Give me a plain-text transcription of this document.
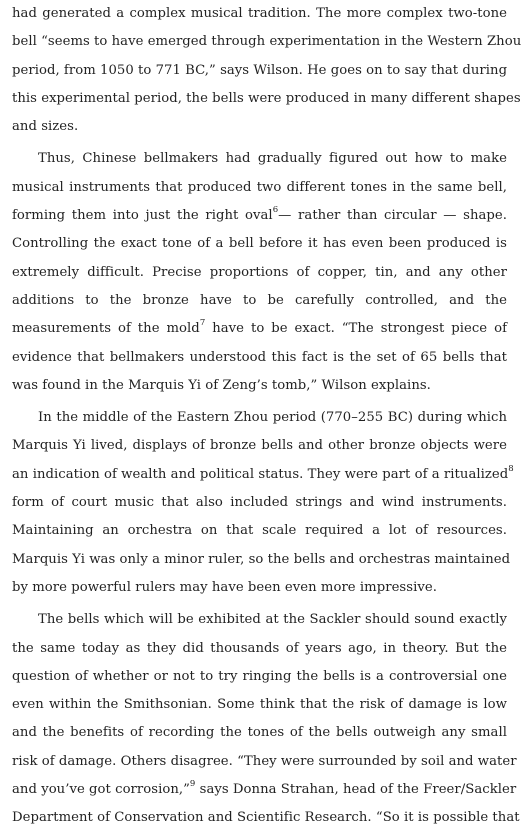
had generated a complex musical tradition. The more complex two-tone
bell “seems to have emerged through experimentation in the Western Zhou
period, from 1050 to 771 BC,” says Wilson. He goes on to say that during
this experimental period, the bells were produced in many different shapes
and sizes.
Thus, Chinese bellmakers had gradually figured out how to make
musical instruments that produced two different tones in the same bell,
forming them into just the right oval$^6$— rather than circular — shape.
Controlling the exact tone of a bell before it has even been produced is
extremely difficult. Precise proportions of copper, tin, and any other
additions to the bronze have to be carefully controlled, and the
measurements of the mold$^7$ have to be exact. “The strongest piece of
evidence that bellmakers understood this fact is the set of 65 bells that
was found in the Marquis Yi of Zeng’s tomb,” Wilson explains.
In the middle of the Eastern Zhou period (770–255 BC) during which
Marquis Yi lived, displays of bronze bells and other bronze objects were
an indication of wealth and political status. They were part of a ritualized$^8$
form of court music that also included strings and wind instruments.
Maintaining an orchestra on that scale required a lot of resources.
Marquis Yi was only a minor ruler, so the bells and orchestras maintained
by more powerful rulers may have been even more impressive.
The bells which will be exhibited at the Sackler should sound exactly
the same today as they did thousands of years ago, in theory. But the
question of whether or not to try ringing the bells is a controversial one
even within the Smithsonian. Some think that the risk of damage is low
and the benefits of recording the tones of the bells outweigh any small
risk of damage. Others disagree. “They were surrounded by soil and water
and you’ve got corrosion,”$^9$ says Donna Strahan, head of the Freer/Sackler
Department of Conservation and Scientific Research. “So it is possible that
